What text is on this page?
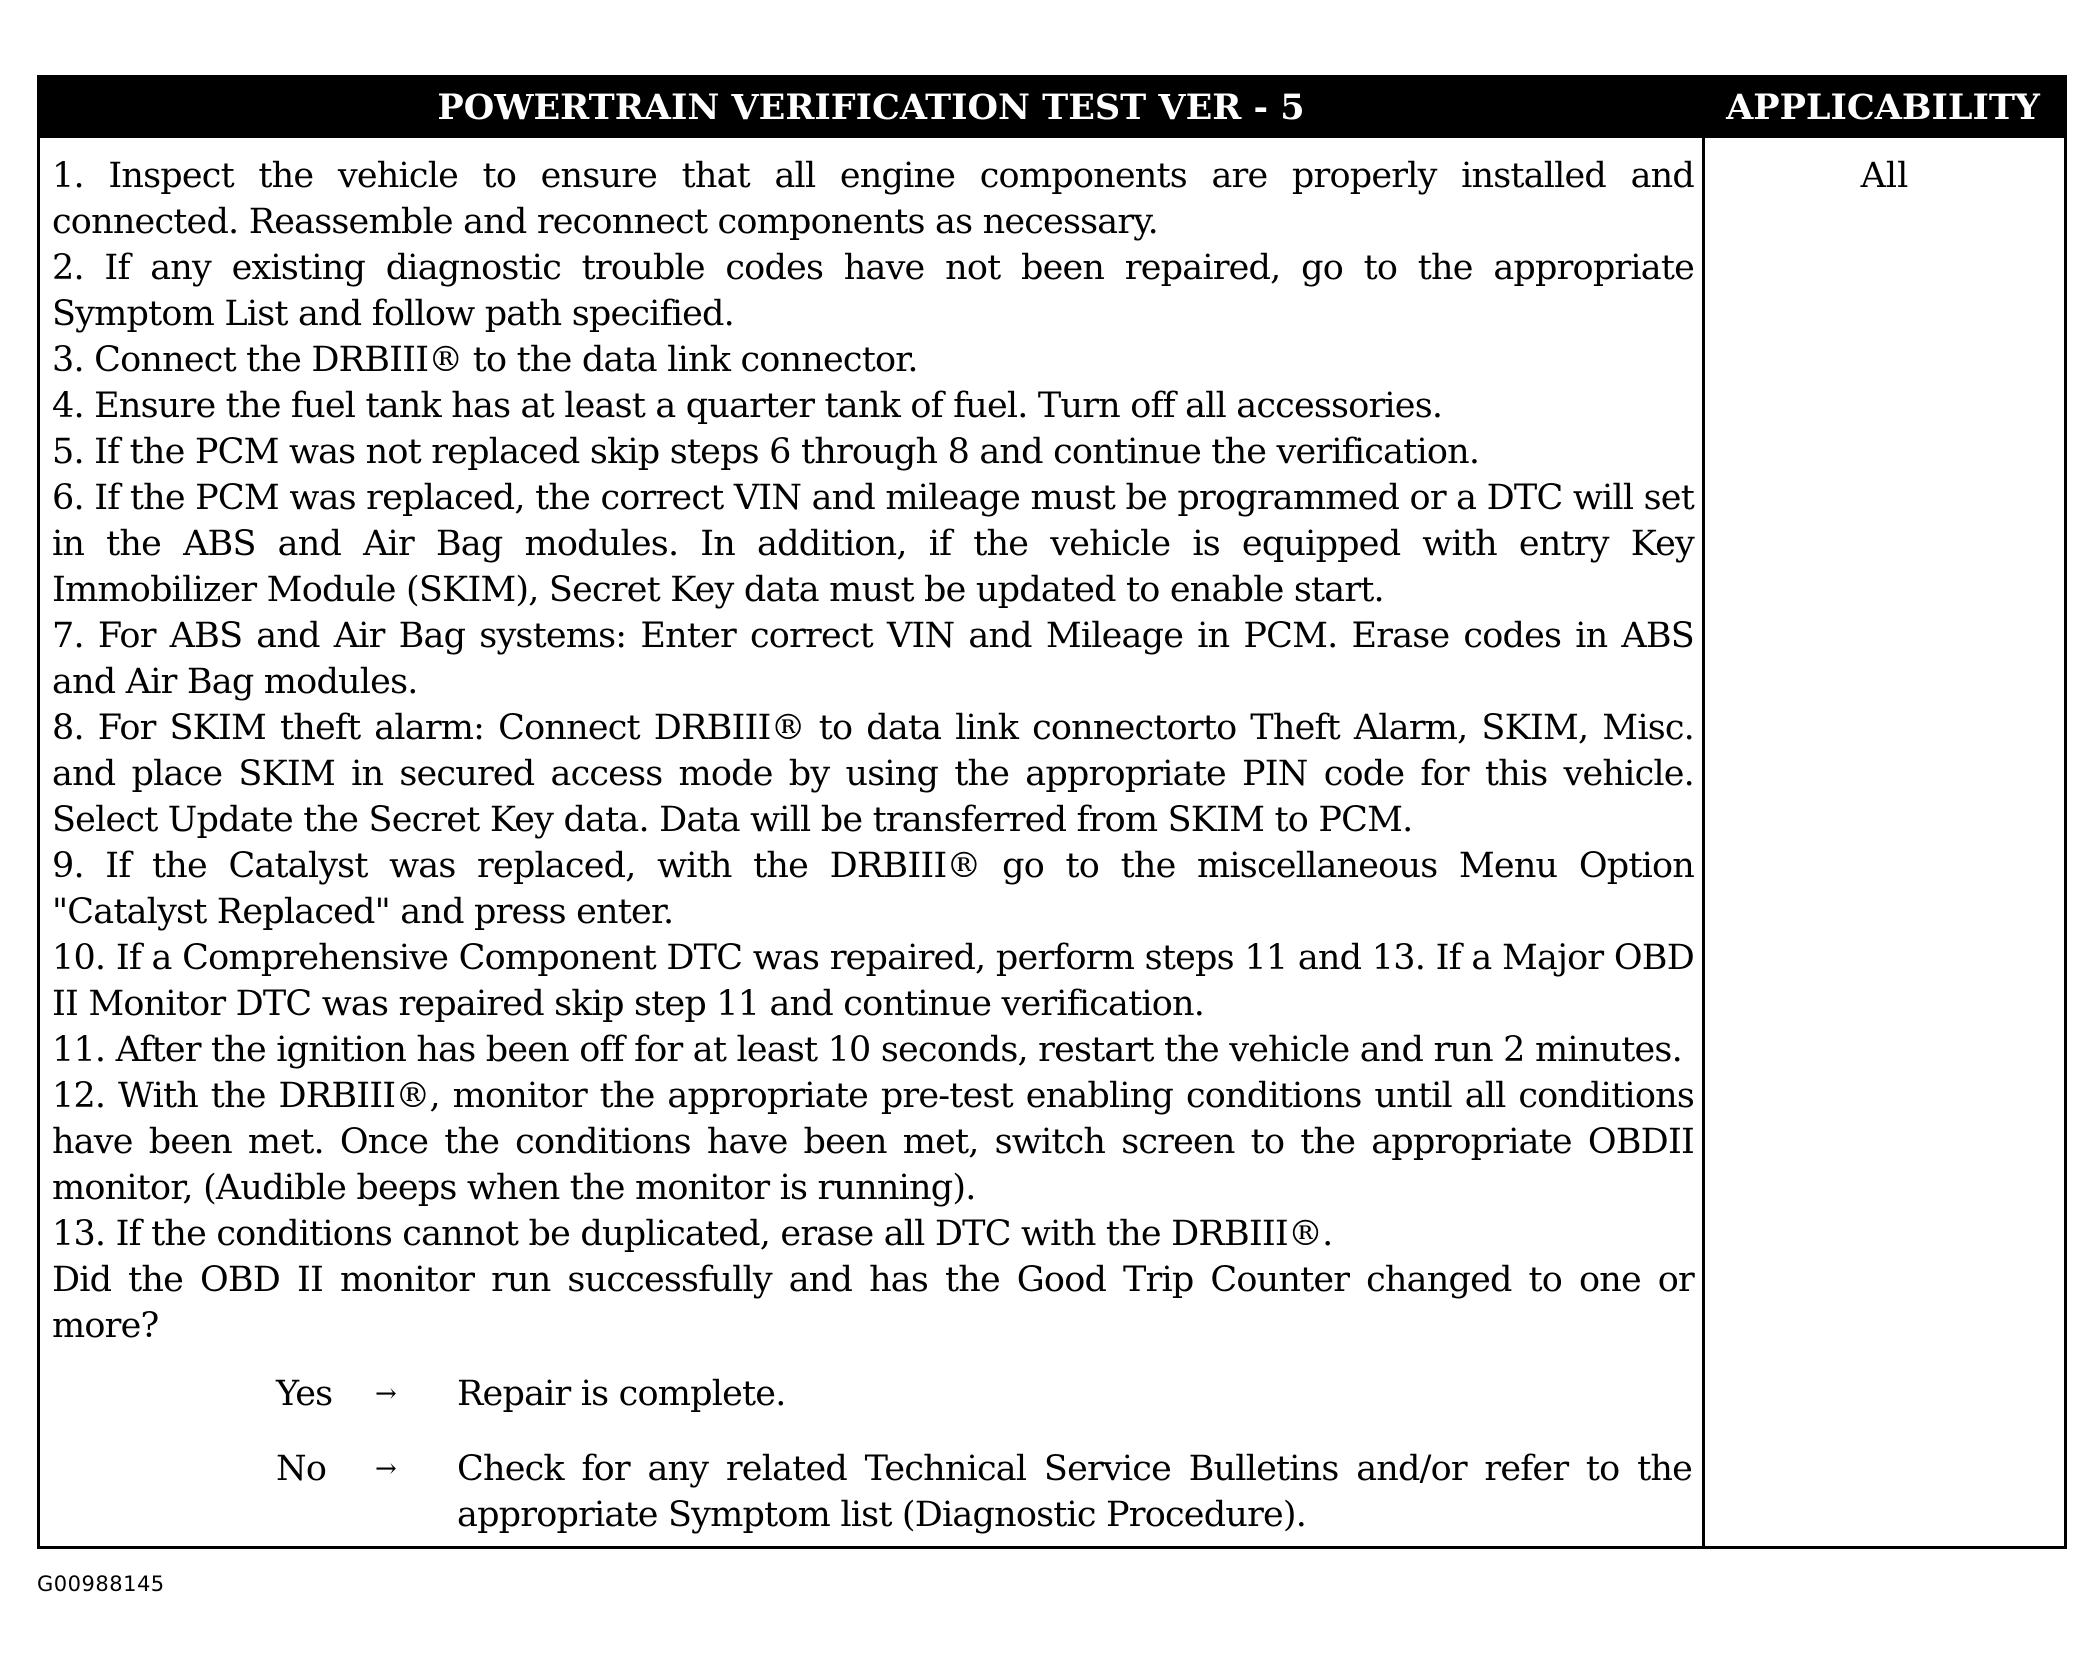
POWERTRAIN VERIFICATION TEST VER - 5	APPLICABILITY

1. Inspect the vehicle to ensure that all engine components are properly installed and connected. Reassemble and reconnect components as necessary.

2. If any existing diagnostic trouble codes have not been repaired, go to the appropriate Symptom List and follow path specified.

3. Connect the DRBIII® to the data link connector.

4. Ensure the fuel tank has at least a quarter tank of fuel. Turn off all accessories.

5. If the PCM was not replaced skip steps 6 through 8 and continue the verification.

6. If the PCM was replaced, the correct VIN and mileage must be programmed or a DTC will set in the ABS and Air Bag modules. In addition, if the vehicle is equipped with entry Key Immobilizer Module (SKIM), Secret Key data must be updated to enable start.

7. For ABS and Air Bag systems: Enter correct VIN and Mileage in PCM. Erase codes in ABS and Air Bag modules.

8. For SKIM theft alarm: Connect DRBIII® to data link connectorto Theft Alarm, SKIM, Misc. and place SKIM in secured access mode by using the appropriate PIN code for this vehicle. Select Update the Secret Key data. Data will be transferred from SKIM to PCM.

9. If the Catalyst was replaced, with the DRBIII® go to the miscellaneous Menu Option "Catalyst Replaced" and press enter.

10. If a Comprehensive Component DTC was repaired, perform steps 11 and 13. If a Major OBD II Monitor DTC was repaired skip step 11 and continue verification.

11. After the ignition has been off for at least 10 seconds, restart the vehicle and run 2 minutes.

12. With the DRBIII®, monitor the appropriate pre-test enabling conditions until all conditions have been met. Once the conditions have been met, switch screen to the appropriate OBDII monitor, (Audible beeps when the monitor is running).

13. If the conditions cannot be duplicated, erase all DTC with the DRBIII®.

Did the OBD II monitor run successfully and has the Good Trip Counter changed to one or more?

Yes → Repair is complete.
No → Check for any related Technical Service Bulletins and/or refer to the appropriate Symptom list (Diagnostic Procedure).
All
G00988145
